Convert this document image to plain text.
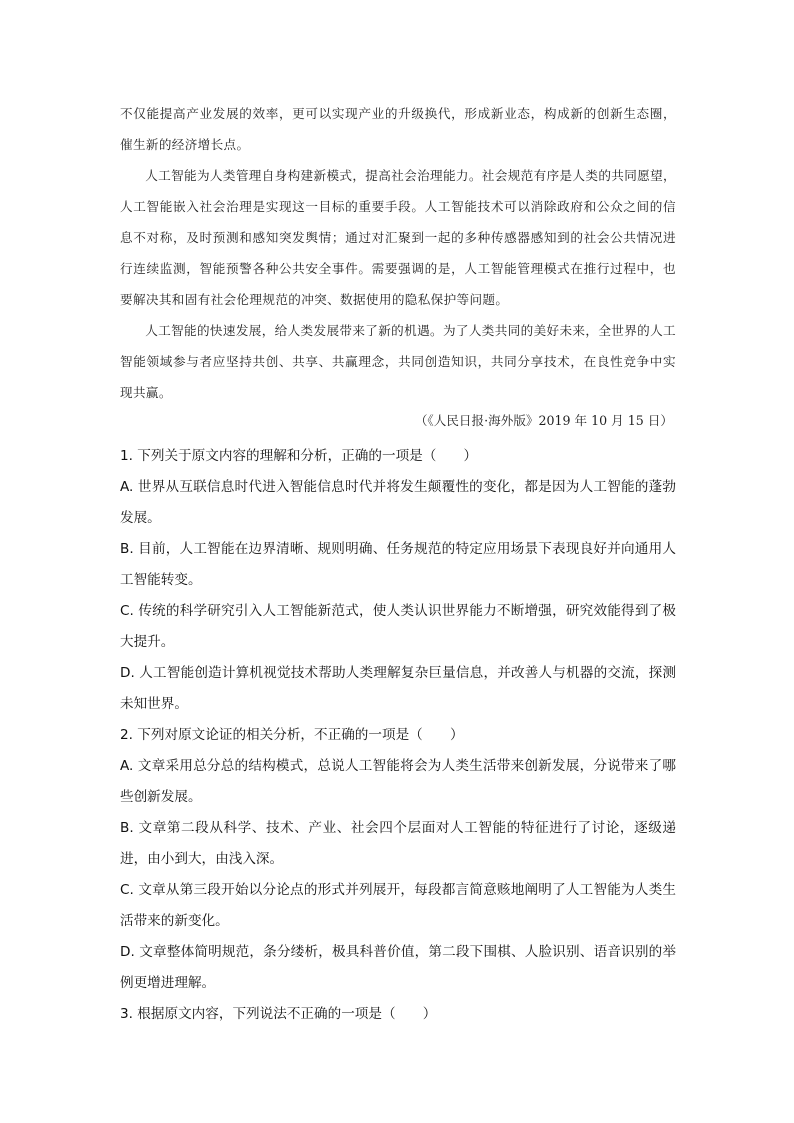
不仅能提高产业发展的效率，更可以实现产业的升级换代，形成新业态，构成新的创新生态圈，催生新的经济增长点。

人工智能为人类管理自身构建新模式，提高社会治理能力。社会规范有序是人类的共同愿望，人工智能嵌入社会治理是实现这一目标的重要手段。人工智能技术可以消除政府和公众之间的信息不对称，及时预测和感知突发舆情；通过对汇聚到一起的多种传感器感知到的社会公共情况进行连续监测，智能预警各种公共安全事件。需要强调的是，人工智能管理模式在推行过程中，也要解决其和固有社会伦理规范的冲突、数据使用的隐私保护等问题。

人工智能的快速发展，给人类发展带来了新的机遇。为了人类共同的美好未来，全世界的人工智能领域参与者应坚持共创、共享、共赢理念，共同创造知识，共同分享技术，在良性竞争中实现共赢。

（《人民日报·海外版》2019 年 10 月 15 日）
1. 下列关于原文内容的理解和分析，正确的一项是（　　）
A. 世界从互联信息时代进入智能信息时代并将发生颠覆性的变化，都是因为人工智能的蓬勃发展。
B. 目前，人工智能在边界清晰、规则明确、任务规范的特定应用场景下表现良好并向通用人工智能转变。
C. 传统的科学研究引入人工智能新范式，使人类认识世界能力不断增强，研究效能得到了极大提升。
D. 人工智能创造计算机视觉技术帮助人类理解复杂巨量信息，并改善人与机器的交流，探测未知世界。
2. 下列对原文论证的相关分析，不正确的一项是（　　）
A. 文章采用总分总的结构模式，总说人工智能将会为人类生活带来创新发展，分说带来了哪些创新发展。
B. 文章第二段从科学、技术、产业、社会四个层面对人工智能的特征进行了讨论，逐级递进，由小到大，由浅入深。
C. 文章从第三段开始以分论点的形式并列展开，每段都言简意赅地阐明了人工智能为人类生活带来的新变化。
D. 文章整体简明规范，条分缕析，极具科普价值，第二段下围棋、人脸识别、语音识别的举例更增进理解。
3. 根据原文内容，下列说法不正确的一项是（　　）
